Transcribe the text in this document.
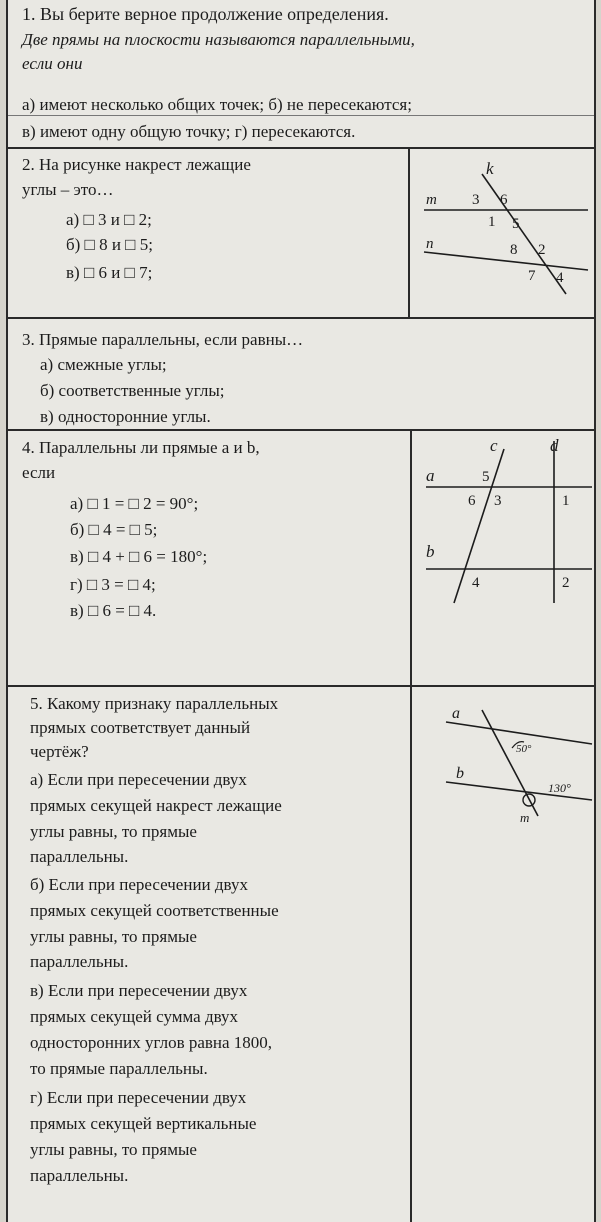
1. Вы берите верное продолжение определения.
Две прямы на плоскости называются параллельными,
если они
а) имеют несколько общих точек; б) не пересекаются;
в) имеют одну общую точку; г) пересекаются.
2. На рисунке накрест лежащие
углы – это…
а) □ 3 и □ 2;
б) □ 8 и □ 5;
в) □ 6 и □ 7;
k
m
n
3 6
1 5
8 2
7 4
3. Прямые параллельны, если равны…
а) смежные углы;
б) соответственные углы;
в) односторонние углы.
4. Параллельны ли прямые a и b,
если
а) □ 1 = □ 2 = 90°;
б) □ 4 = □ 5;
в) □ 4 + □ 6 = 180°;
г) □ 3 = □ 4;
в) □ 6 = □ 4.
a
b
c	d
5
6 3	1
4	2
5. Какому признаку параллельных
прямых соответствует данный
чертёж?
а) Если при пересечении двух
прямых секущей накрест лежащие
углы равны, то прямые
параллельны.
б) Если при пересечении двух
прямых секущей соответственные
углы равны, то прямые
параллельны.
в) Если при пересечении двух
прямых секущей сумма двух
односторонних углов равна 1800,
то прямые параллельны.
г) Если при пересечении двух
прямых секущей вертикальные
углы равны, то прямые
параллельны.
a
b
m
50°
130°
